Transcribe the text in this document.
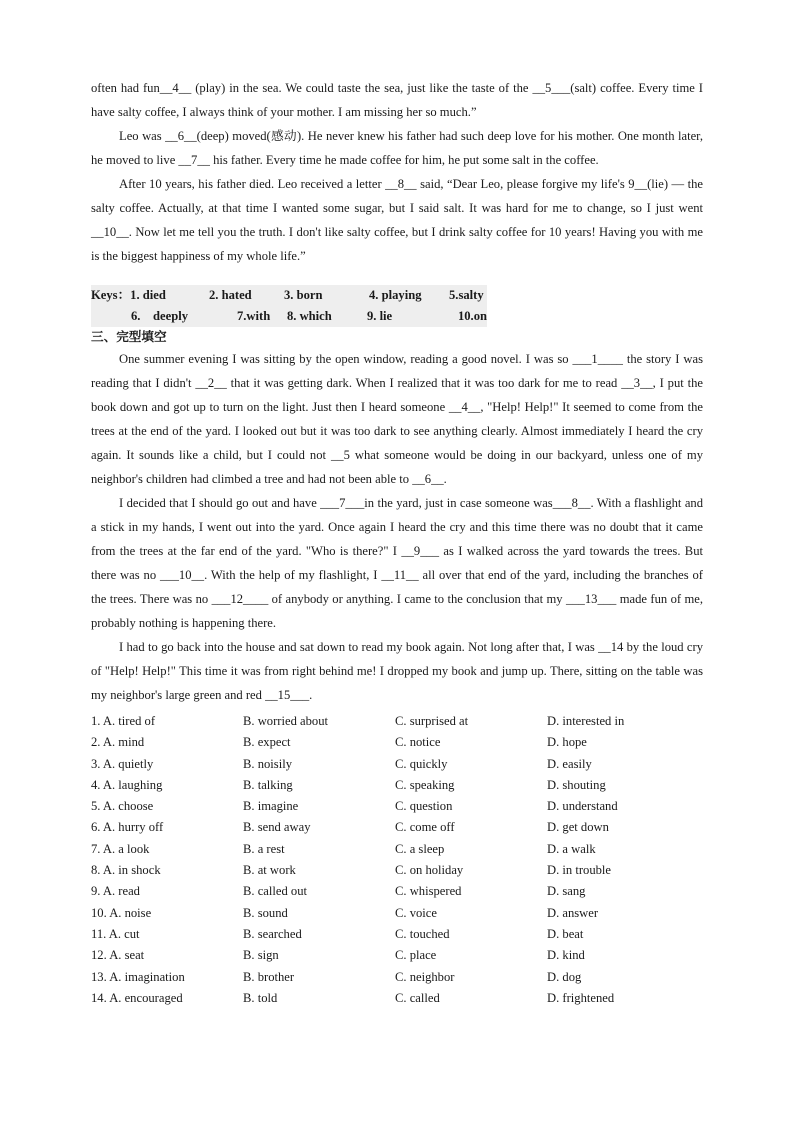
often had fun__4__ (play) in the sea. We could taste the sea, just like the taste of the __5___(salt) coffee. Every time I have salty coffee, I always think of your mother. I am missing her so much.”

Leo was __6__(deep) moved(感动). He never knew his father had such deep love for his mother. One month later, he moved to live __7__ his father. Every time he made coffee for him, he put some salt in the coffee.

After 10 years, his father died. Leo received a letter __8__ said, “Dear Leo, please forgive my life's 9__(lie) — the salty coffee. Actually, at that time I wanted some sugar, but I said salt. It was hard for me to change, so I just went __10__. Now let me tell you the truth. I don't like salty coffee, but I drink salty coffee for 10 years! Having you with me is the biggest happiness of my whole life.”

Keys：1. died	2. hated	3. born	4. playing	5.salty
6.    deeply	7.with	8. which	9. lie	10.on

三、完型填空

One summer evening I was sitting by the open window, reading a good novel. I was so ___1____ the story I was reading that I didn't __2__ that it was getting dark. When I realized that it was too dark for me to read __3__, I put the book down and got up to turn on the light. Just then I heard someone __4__, "Help! Help!" It seemed to come from the trees at the end of the yard. I looked out but it was too dark to see anything clearly. Almost immediately I heard the cry again. It sounds like a child, but I could not __5 what someone would be doing in our backyard, unless one of my neighbor's children had climbed a tree and had not been able to __6__.

I decided that I should go out and have ___7___in the yard, just in case someone was___8__. With a flashlight and a stick in my hands, I went out into the yard. Once again I heard the cry and this time there was no doubt that it came from the trees at the far end of the yard. "Who is there?" I __9___ as I walked across the yard towards the trees. But there was no ___10__. With the help of my flashlight, I __11__ all over that end of the yard, including the branches of the trees. There was no ___12____ of anybody or anything. I came to the conclusion that my ___13___ made fun of me, probably nothing is happening there.

I had to go back into the house and sat down to read my book again. Not long after that, I was __14 by the loud cry of "Help! Help!" This time it was from right behind me! I dropped my book and jump up. There, sitting on the table was my neighbor's large green and red __15___.

1. A. tired of	B. worried about	C. surprised at	D. interested in
2. A. mind	B. expect	C. notice	D. hope
3. A. quietly	B. noisily	C. quickly	D. easily
4. A. laughing	B. talking	C. speaking	D. shouting
5. A. choose	B. imagine	C. question	D. understand
6. A. hurry off	B. send away	C. come off	D. get down
7. A. a look	B. a rest	C. a sleep	D. a walk
8. A. in shock	B. at work	C. on holiday	D. in trouble
9. A. read	B. called out	C. whispered	D. sang
10. A. noise	B. sound	C. voice	D. answer
11. A. cut	B. searched	C. touched	D. beat
12. A. seat	B. sign	C. place	D. kind
13. A. imagination	B. brother	C. neighbor	D. dog
14. A. encouraged	B. told	C. called	D. frightened
